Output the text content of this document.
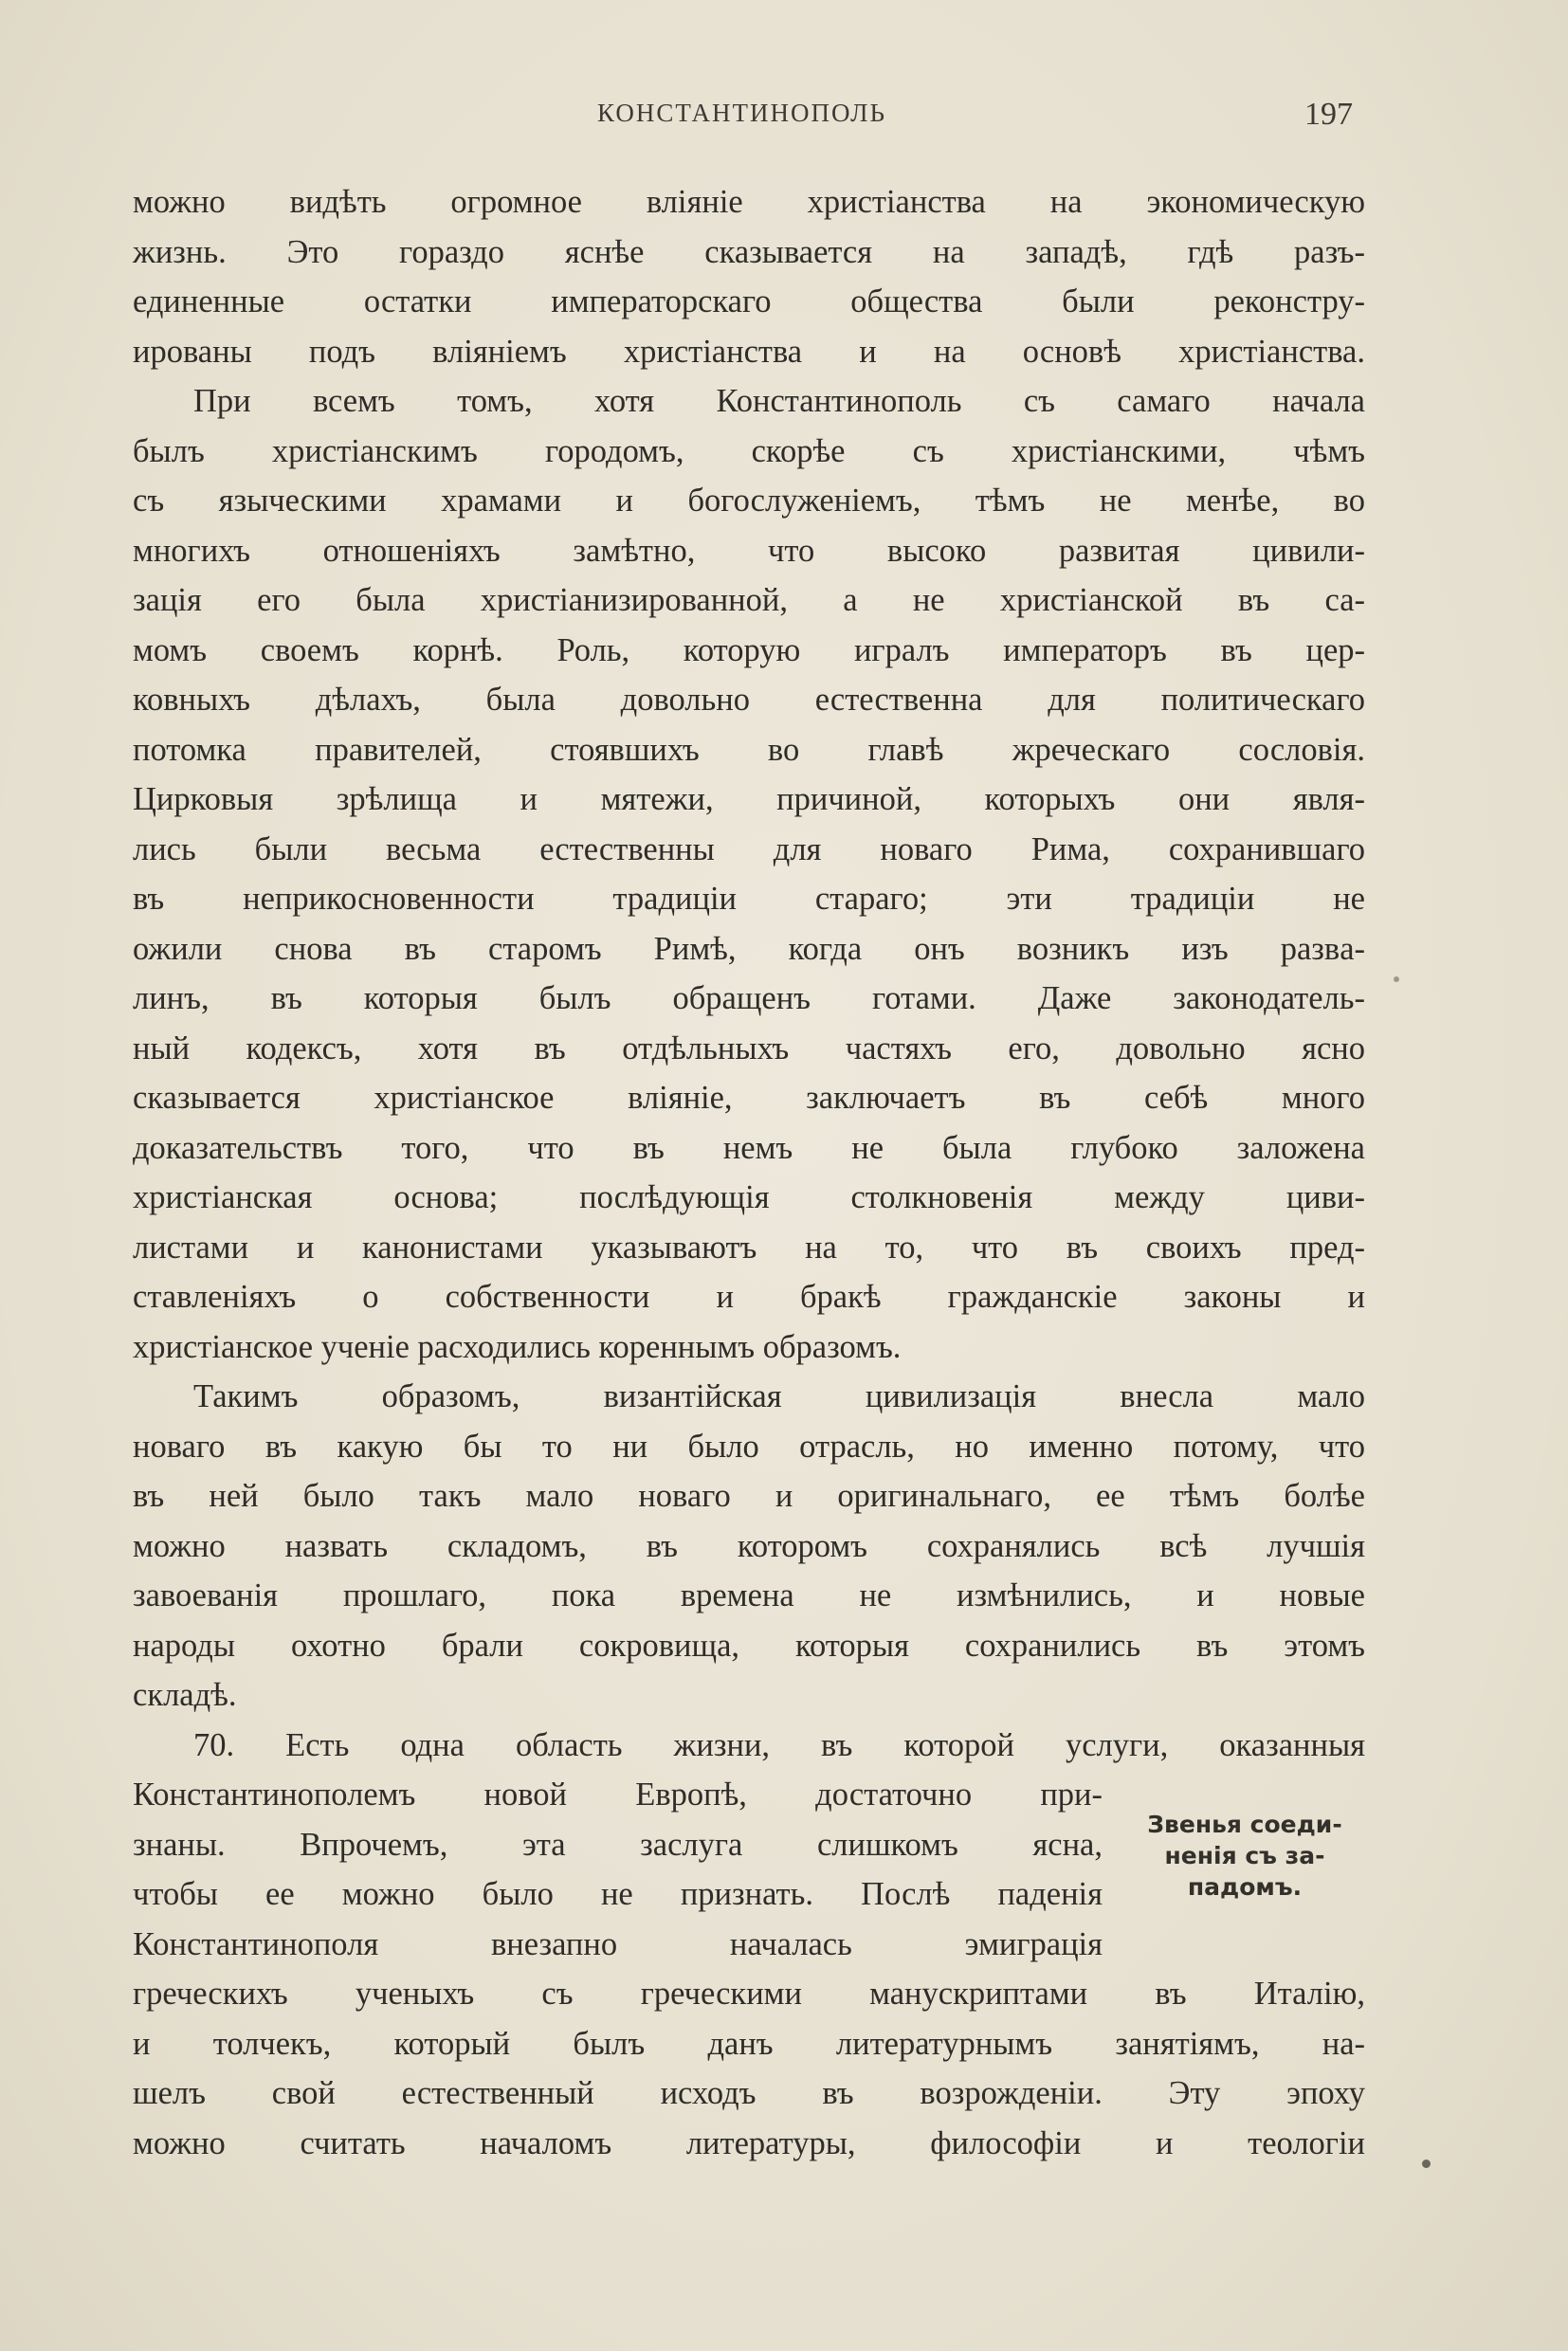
КОНСТАНТИНОПОЛЬ	197
можно видѣть огромное вліяніе христіанства на экономическую
жизнь. Это гораздо яснѣе сказывается на западѣ, гдѣ разъ-
единенные остатки императорскаго общества были реконстру-
ированы подъ вліяніемъ христіанства и на основѣ христіанства.
При всемъ томъ, хотя Константинополь съ самаго начала
былъ христіанскимъ городомъ, скорѣе съ христіанскими, чѣмъ
съ языческими храмами и богослуженіемъ, тѣмъ не менѣе, во
многихъ отношеніяхъ замѣтно, что высоко развитая цивили-
зація его была христіанизированной, а не христіанской въ са-
момъ своемъ корнѣ. Роль, которую игралъ императоръ въ цер-
ковныхъ дѣлахъ, была довольно естественна для политическаго
потомка правителей, стоявшихъ во главѣ жреческаго сословія.
Цирковыя зрѣлища и мятежи, причиной, которыхъ они явля-
лись были весьма естественны для новаго Рима, сохранившаго
въ неприкосновенности традиціи стараго; эти традиціи не
ожили снова въ старомъ Римѣ, когда онъ возникъ изъ развa-
линъ, въ которыя былъ обращенъ готами. Даже законодатель-
ный кодексъ, хотя въ отдѣльныхъ частяхъ его, довольно ясно
сказывается христіанское вліяніе, заключаетъ въ себѣ много
доказательствъ того, что въ немъ не была глубоко заложена
христіанская основа; послѣдующія столкновенія между циви-
листами и канонистами указываютъ на то, что въ своихъ пред-
ставленіяхъ о собственности и бракѣ гражданскіе законы и
христіанское ученіе расходились кореннымъ образомъ.
Такимъ образомъ, византійская цивилизація внесла мало
новаго въ какую бы то ни было отрасль, но именно потому, что
въ ней было такъ мало новаго и оригинальнаго, ее тѣмъ болѣе
можно назвать складомъ, въ которомъ сохранялись всѣ лучшія
завоеванія прошлаго, пока времена не измѣнились, и новые
народы охотно брали сокровища, которыя сохранились въ этомъ
складѣ.
70. Есть одна область жизни, въ которой услуги, оказанныя
Константинополемъ новой Европѣ, достаточно при-
знаны. Впрочемъ, эта заслуга слишкомъ ясна,
чтобы ее можно было не признать. Послѣ паденія
Константинополя внезапно началась эмиграція
греческихъ ученыхъ съ греческими манускриптами въ Италію,
и толчекъ, который былъ данъ литературнымъ занятіямъ, на-
шелъ свой естественный исходъ въ возрожденіи. Эту эпоху
можно считать началомъ литературы, философіи и теологіи
Звенья соеди-
ненія съ за-
падомъ.
